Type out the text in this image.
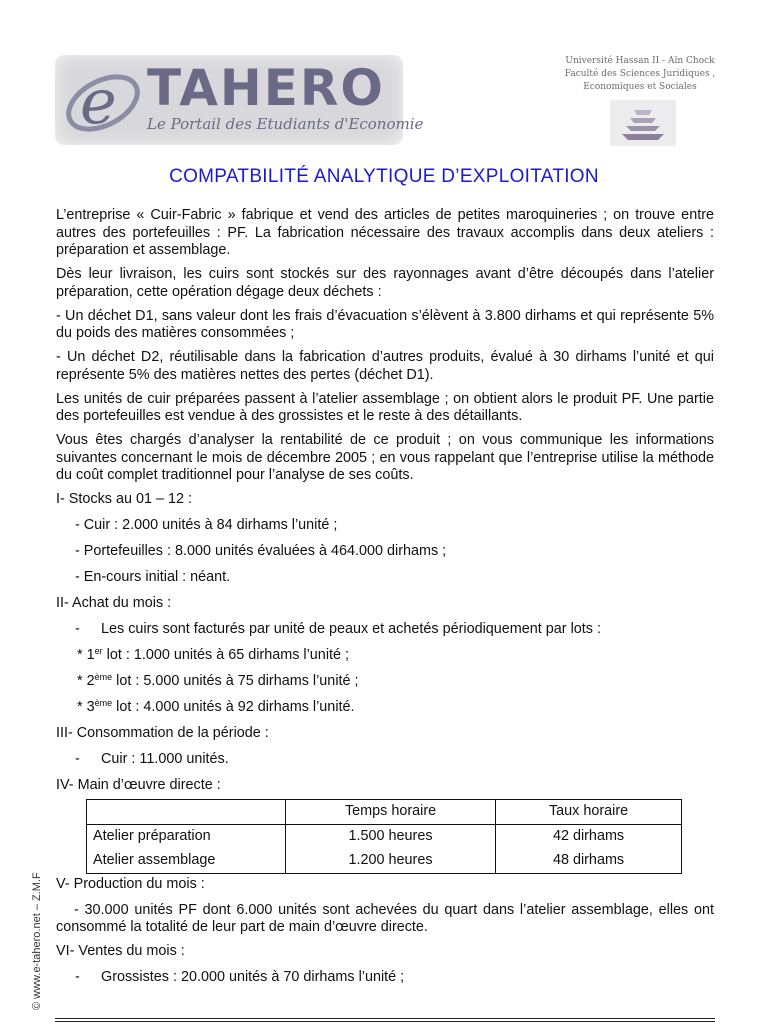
e TAHERO
Le Portail des Etudiants d'Economie
Université Hassan II - Aïn Chock
Faculté des Sciences Juridiques ,
Economiques et Sociales
COMPATBILITÉ ANALYTIQUE D’EXPLOITATION

L’entreprise « Cuir-Fabric » fabrique et vend des articles de petites maroquineries ; on trouve entre autres des portefeuilles : PF. La fabrication nécessaire des travaux accomplis dans deux ateliers : préparation et assemblage.

Dès leur livraison, les cuirs sont stockés sur des rayonnages avant d’être découpés dans l’atelier préparation, cette opération dégage deux déchets :

- Un déchet D1, sans valeur dont les frais d’évacuation s’élèvent à 3.800 dirhams et qui représente 5% du poids des matières consommées ;

- Un déchet D2, réutilisable dans la fabrication d’autres produits, évalué à 30 dirhams l’unité et qui représente 5% des matières nettes des pertes (déchet D1).

Les unités de cuir préparées passent à l’atelier assemblage ; on obtient alors le produit PF. Une partie des portefeuilles est vendue à des grossistes et le reste à des détaillants.

Vous êtes chargés d’analyser la rentabilité de ce produit ; on vous communique les informations suivantes concernant le mois de décembre 2005 ; en vous rappelant que l’entreprise utilise la méthode du coût complet traditionnel pour l’analyse de ses coûts.

I- Stocks au 01 – 12 :
- Cuir : 2.000 unités à 84 dirhams l’unité ;
- Portefeuilles : 8.000 unités évaluées à 464.000 dirhams ;
- En-cours initial : néant.
II- Achat du mois :
- Les cuirs sont facturés par unité de peaux et achetés périodiquement par lots :
* 1er lot : 1.000 unités à 65 dirhams l’unité ;
* 2ème lot : 5.000 unités à 75 dirhams l’unité ;
* 3ème lot : 4.000 unités à 92 dirhams l’unité.
III- Consommation de la période :
- Cuir : 11.000 unités.
IV- Main d’œuvre directe :
	Temps horaire	Taux horaire
Atelier préparation	1.500 heures	42 dirhams
Atelier assemblage	1.200 heures	48 dirhams
V- Production du mois :

- 30.000 unités PF dont 6.000 unités sont achevées du quart dans l’atelier assemblage, elles ont consommé la totalité de leur part de main d’œuvre directe.

VI- Ventes du mois :
- Grossistes : 20.000 unités à 70 dirhams l’unité ;
© www.e-tahero.net – Z.M.F
